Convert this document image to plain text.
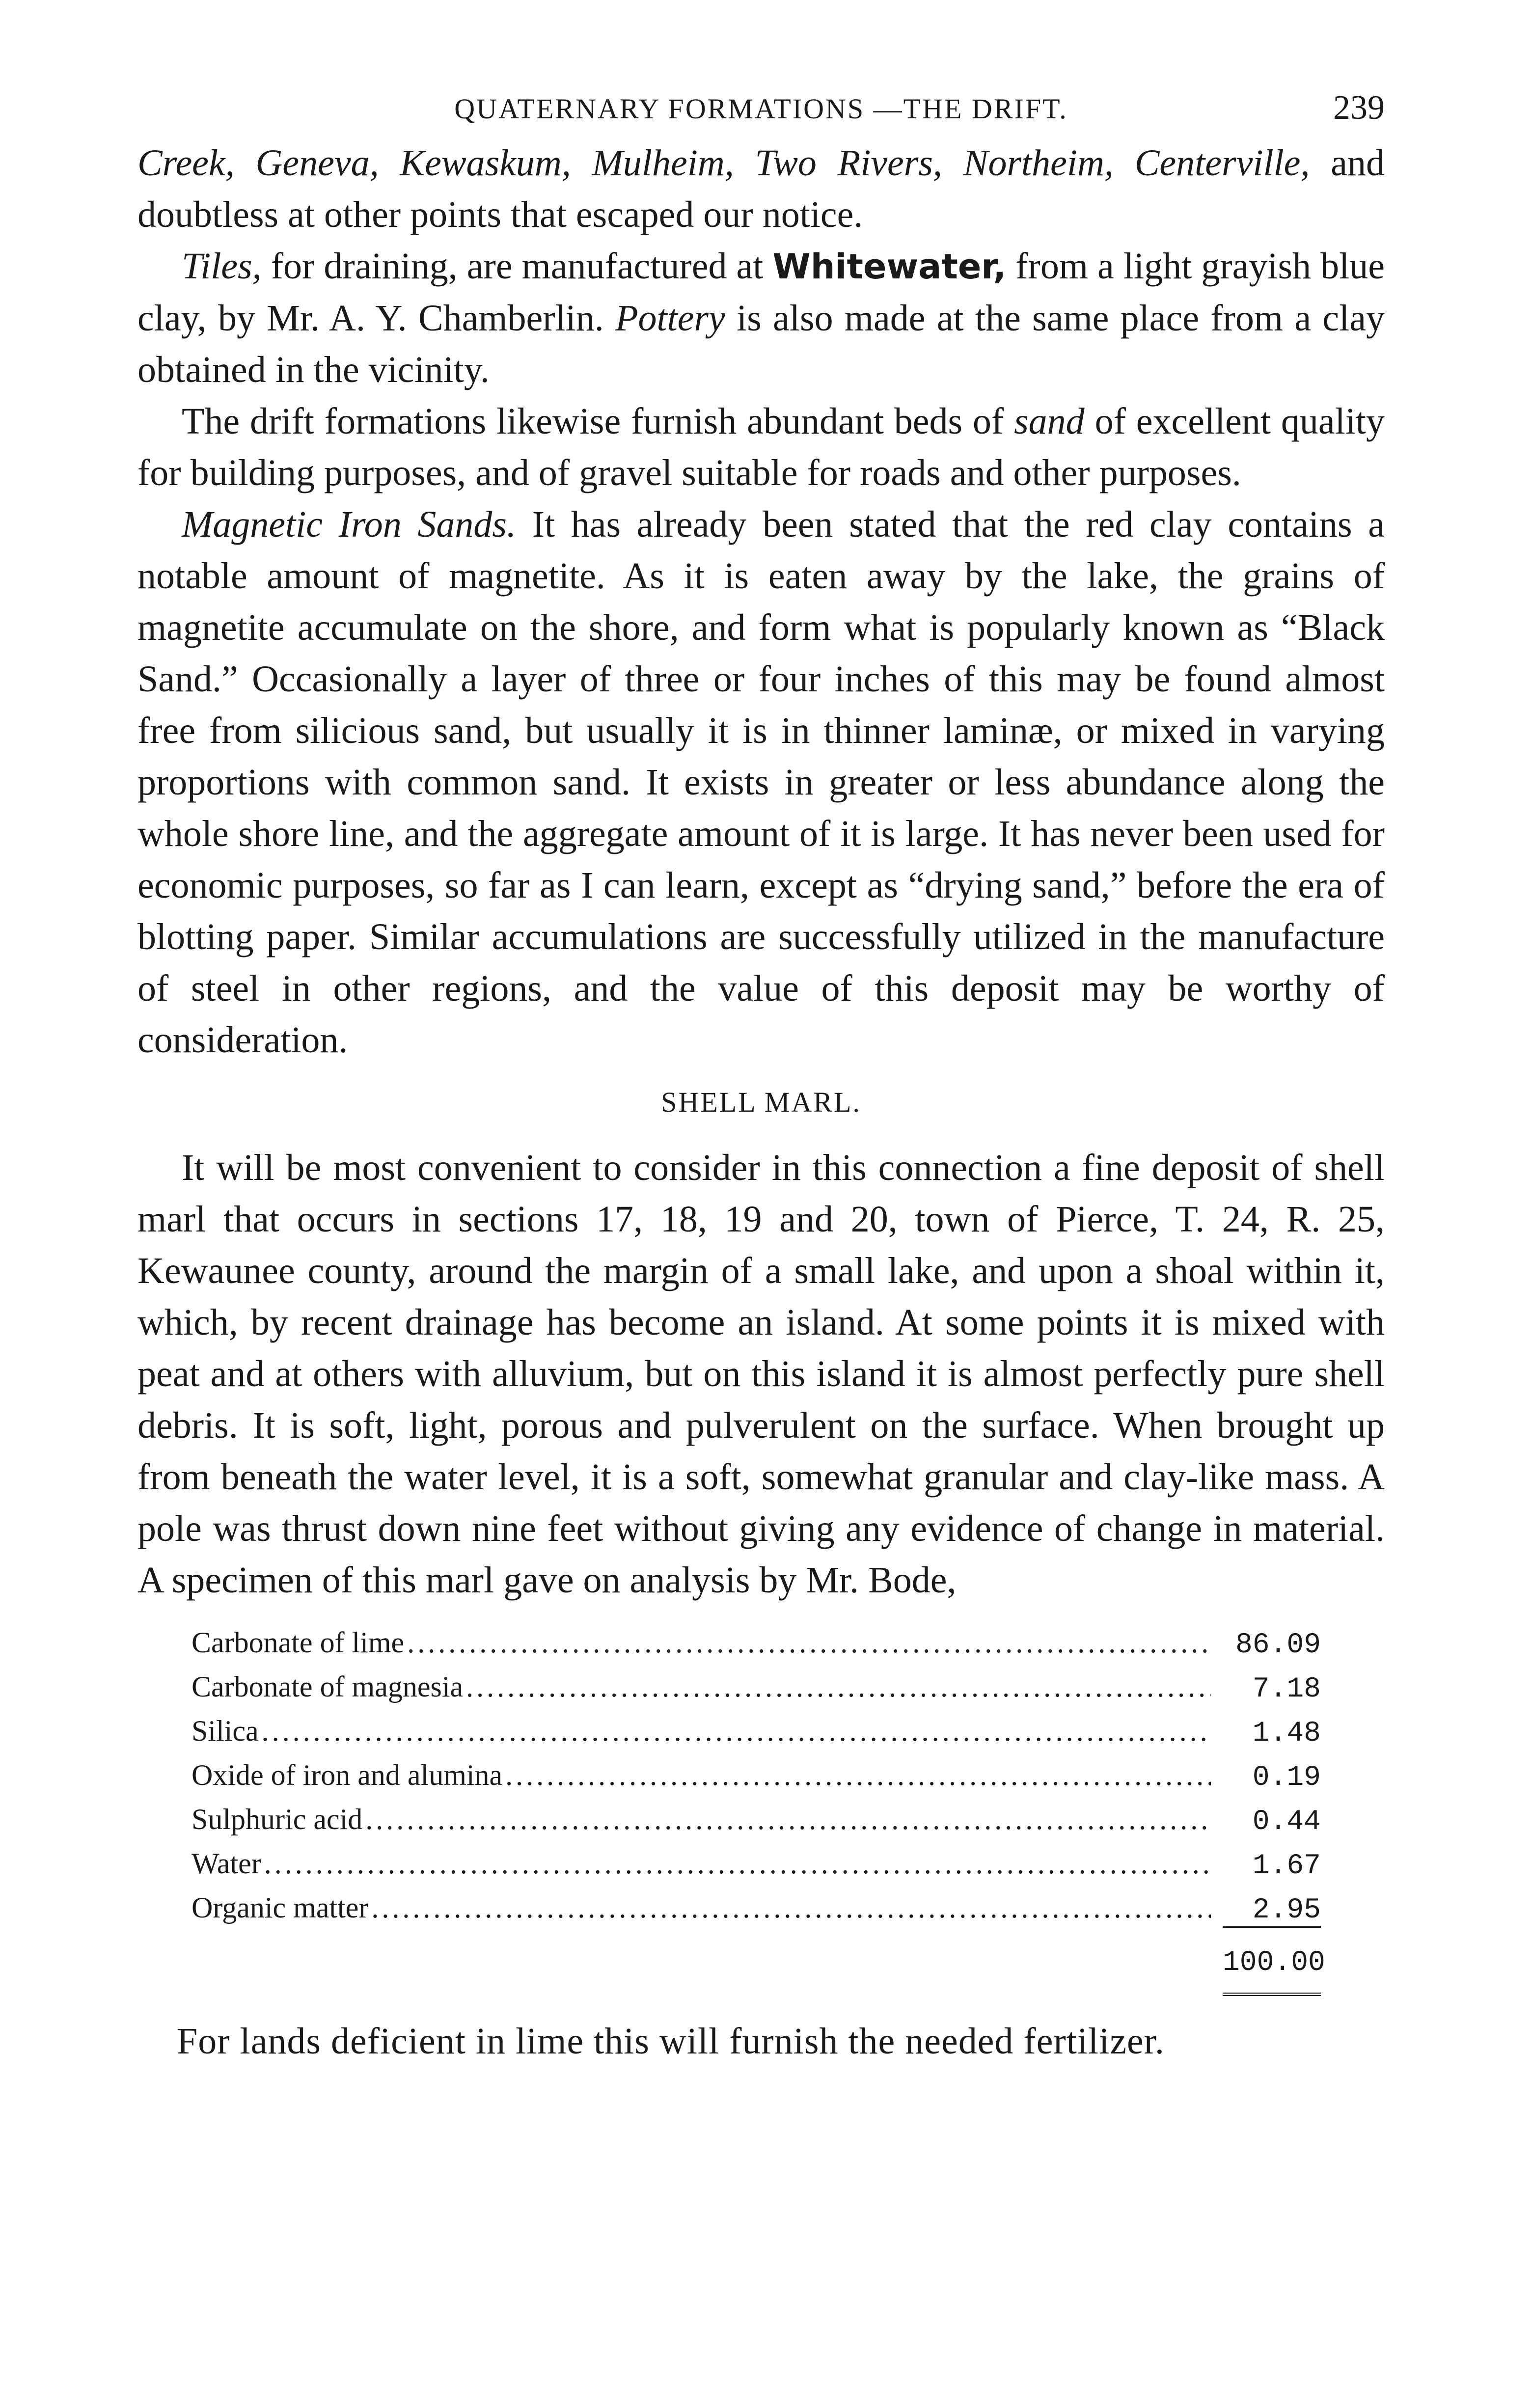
QUATERNARY FORMATIONS —THE DRIFT.	239

Creek, Geneva, Kewaskum, Mulheim, Two Rivers, Northeim, Centerville, and doubtless at other points that escaped our notice.

Tiles, for draining, are manufactured at Whitewater, from a light grayish blue clay, by Mr. A. Y. Chamberlin. Pottery is also made at the same place from a clay obtained in the vicinity.

The drift formations likewise furnish abundant beds of sand of excellent quality for building purposes, and of gravel suitable for roads and other purposes.

Magnetic Iron Sands. It has already been stated that the red clay contains a notable amount of magnetite. As it is eaten away by the lake, the grains of magnetite accumulate on the shore, and form what is popularly known as “Black Sand.” Occasionally a layer of three or four inches of this may be found almost free from silicious sand, but usually it is in thinner laminæ, or mixed in varying proportions with common sand. It exists in greater or less abundance along the whole shore line, and the aggregate amount of it is large. It has never been used for economic purposes, so far as I can learn, except as “drying sand,” before the era of blotting paper. Similar accumulations are successfully utilized in the manufacture of steel in other regions, and the value of this deposit may be worthy of consideration.

SHELL MARL.

It will be most convenient to consider in this connection a fine deposit of shell marl that occurs in sections 17, 18, 19 and 20, town of Pierce, T. 24, R. 25, Kewaunee county, around the margin of a small lake, and upon a shoal within it, which, by recent drainage has become an island. At some points it is mixed with peat and at others with alluvium, but on this island it is almost perfectly pure shell debris. It is soft, light, porous and pulverulent on the surface. When brought up from beneath the water level, it is a soft, somewhat granular and clay-like mass. A pole was thrust down nine feet without giving any evidence of change in material. A specimen of this marl gave on analysis by Mr. Bode,

Carbonate of lime .....	86.09
Carbonate of magnesia .....	7.18
Silica .....	1.48
Oxide of iron and alumina .....	0.19
Sulphuric acid .....	0.44
Water .....	1.67
Organic matter .....	2.95
100.00

For lands deficient in lime this will furnish the needed fertilizer.
